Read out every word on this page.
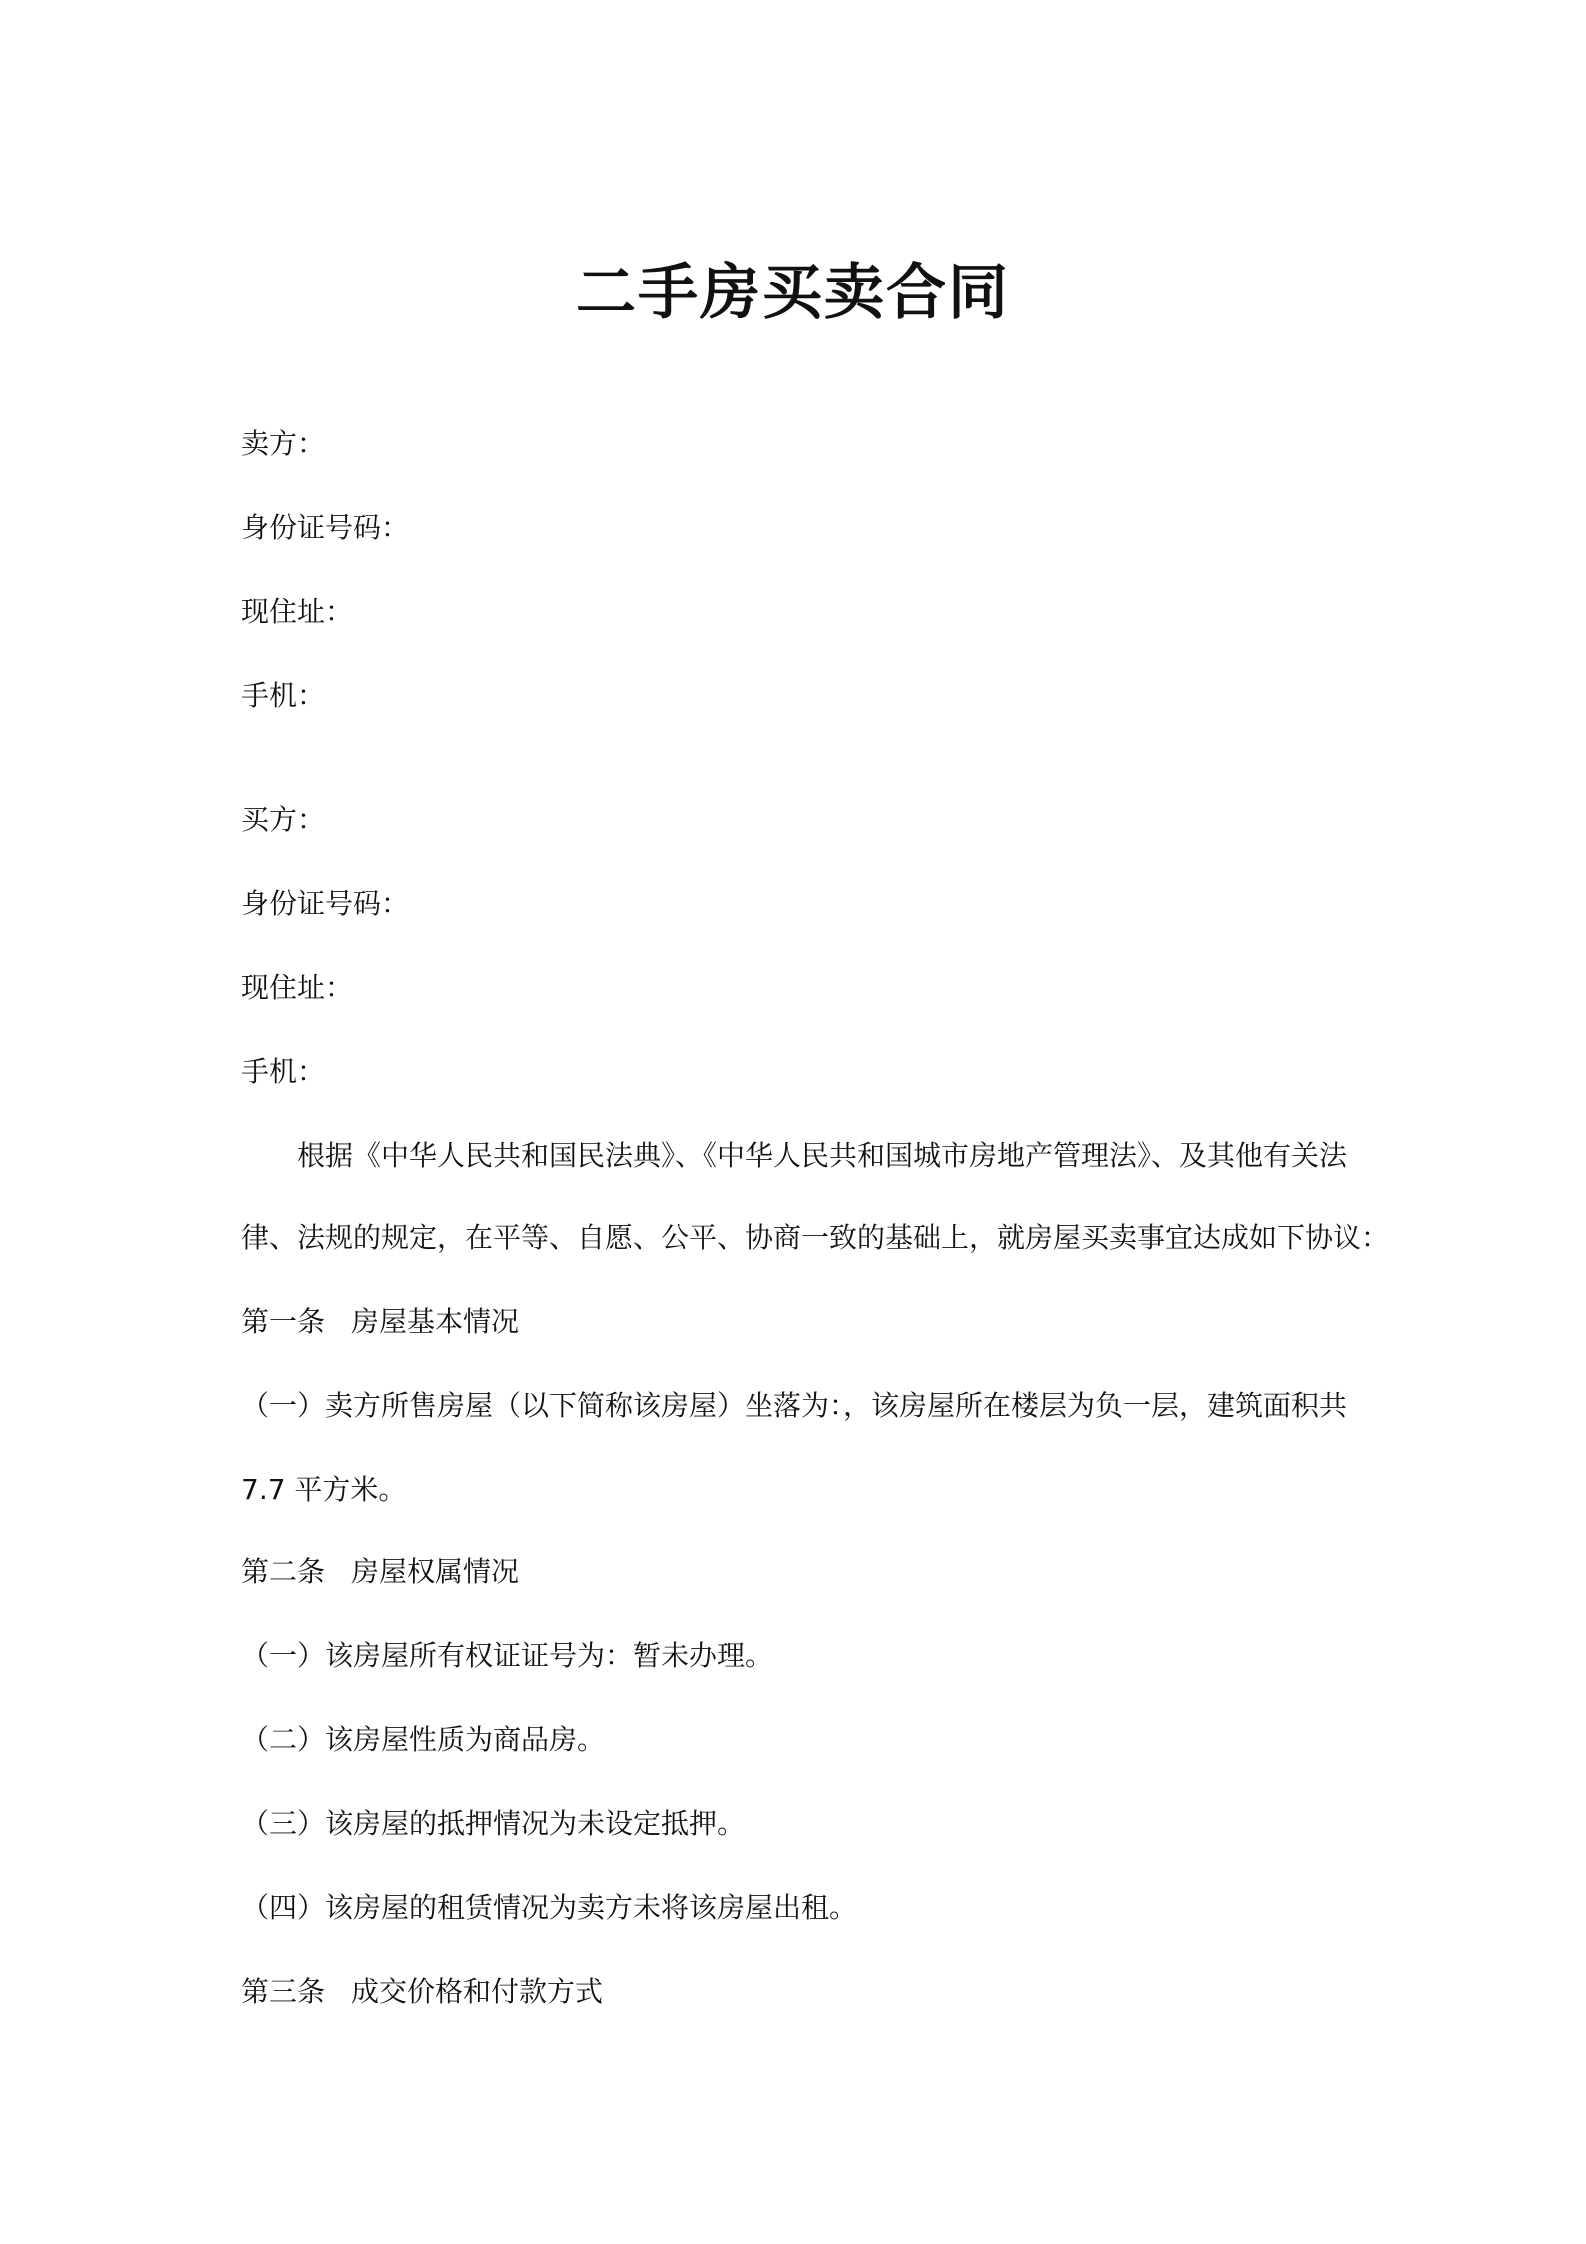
二手房买卖合同
卖方：
身份证号码：
现住址：
手机：
买方：
身份证号码：
现住址：
手机：
根据《中华人民共和国民法典》、《中华人民共和国城市房地产管理法》、及其他有关法
律、法规的规定，在平等、自愿、公平、协商一致的基础上，就房屋买卖事宜达成如下协议：
第一条 房屋基本情况
（一）卖方所售房屋（以下简称该房屋）坐落为：，该房屋所在楼层为负一层，建筑面积共
7.7 平方米。
第二条 房屋权属情况
（一）该房屋所有权证证号为：暂未办理。
（二）该房屋性质为商品房。
（三）该房屋的抵押情况为未设定抵押。
（四）该房屋的租赁情况为卖方未将该房屋出租。
第三条 成交价格和付款方式
